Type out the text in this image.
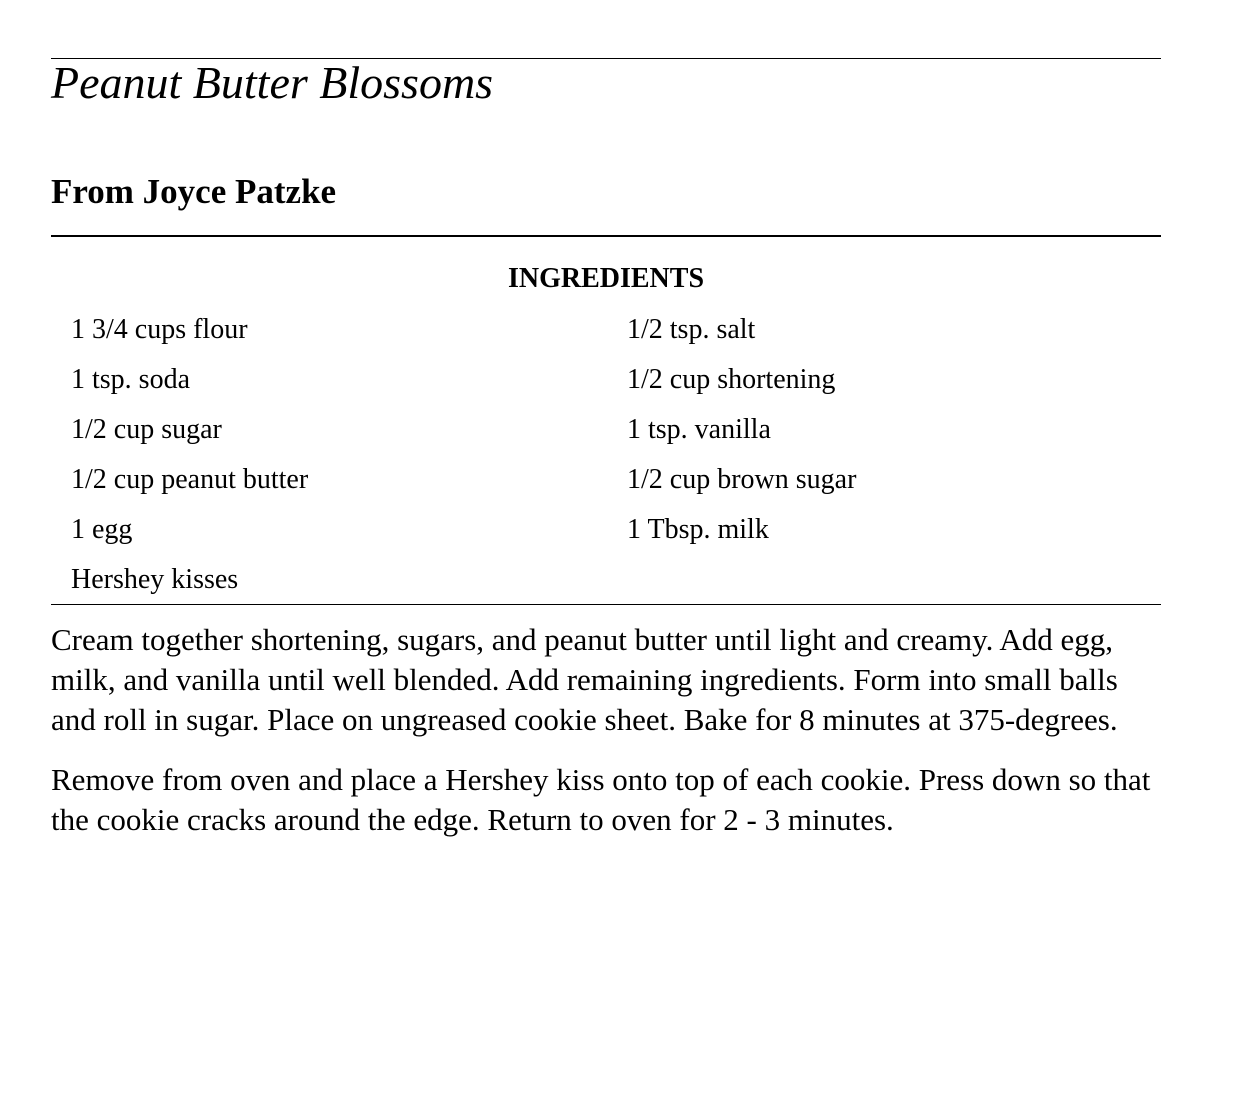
Peanut Butter Blossoms
From Joyce Patzke
INGREDIENTS
1 3/4 cups flour	1/2 tsp. salt
1 tsp. soda	1/2 cup shortening
1/2 cup sugar	1 tsp. vanilla
1/2 cup peanut butter	1/2 cup brown sugar
1 egg	1 Tbsp. milk
Hershey kisses

Cream together shortening, sugars, and peanut butter until light and creamy. Add egg, milk, and vanilla until well blended. Add remaining ingredients. Form into small balls and roll in sugar. Place on ungreased cookie sheet. Bake for 8 minutes at 375-degrees.

Remove from oven and place a Hershey kiss onto top of each cookie. Press down so that the cookie cracks around the edge. Return to oven for 2 - 3 minutes.
